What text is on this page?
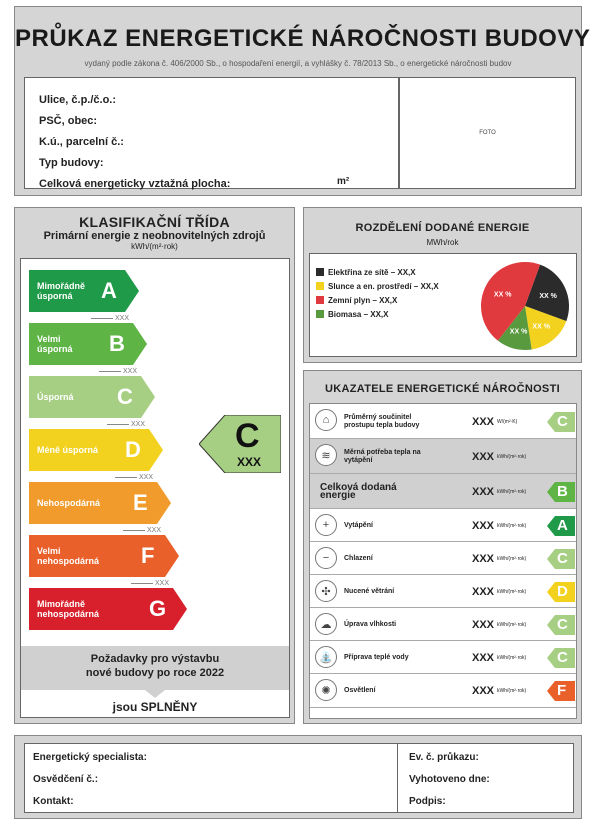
PRŮKAZ ENERGETICKÉ NÁROČNOSTI BUDOVY
vydaný podle zákona č. 406/2000 Sb., o hospodaření energií, a vyhlášky č. 78/2013 Sb., o energetické náročnosti budov
Ulice, č.p./č.o.:
PSČ, obec:
K.ú., parcelní č.:
Typ budovy:
Celková energeticky vztažná plocha:	m²
FOTO
KLASIFIKAČNÍ TŘÍDA
Primární energie z neobnovitelných zdrojů
kWh/(m²·rok)
Mimořádně
úsporná	A
XXX
Velmi
úsporná B
XXX
Úsporná C
XXX
Méně úsporná D
XXX
Nehospodárná E
XXX
Velmi
nehospodárná F
XXX
Mimořádně
nehospodárná G
C
XXX
Požadavky pro výstavbu
nové budovy po roce 2022
jsou SPLNĚNY
ROZDĚLENÍ DODANÉ ENERGIE
MWh/rok
Elektřina ze sítě – XX,X
Slunce a en. prostředí – XX,X
Zemní plyn – XX,X
Biomasa – XX,X
XX %
XX %
XX %
XX %
UKAZATELE ENERGETICKÉ NÁROČNOSTI
⌂	Průměrný součinitel prostupu tepla budovy	XXX W/(m²·K)	C
≋	Měrná potřeba tepla na vytápění	XXX kWh/(m²·rok)
Celková dodaná energie	XXX kWh/(m²·rok) B
+	Vytápění	XXX kWh/(m²·rok) A
−	Chlazení	XXX kWh/(m²·rok) C
✣	Nucené větrání	XXX kWh/(m²·rok) D
☁	Úprava vlhkosti	XXX kWh/(m²·rok) C
⛲	Příprava teplé vody	XXX kWh/(m²·rok) C
✺	Osvětlení	XXX kWh/(m²·rok) F
Energetický specialista:
Osvědčení č.:
Kontakt:
Ev. č. průkazu:
Vyhotoveno dne:
Podpis:
